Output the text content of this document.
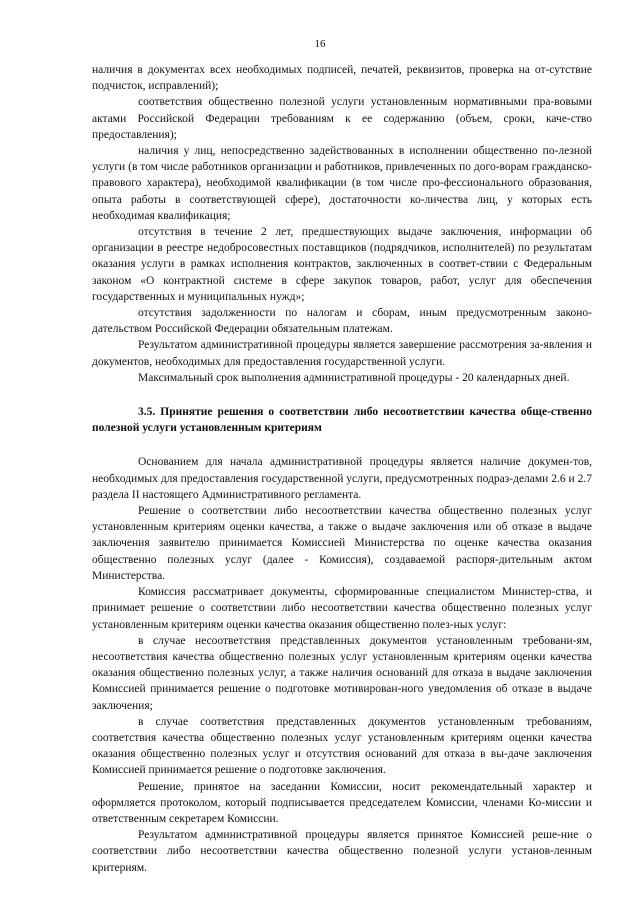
16

наличия в документах всех необходимых подписей, печатей, реквизитов, проверка на от-сутствие подчисток, исправлений);

соответствия общественно полезной услуги установленным нормативными пра-вовыми актами Российской Федерации требованиям к ее содержанию (объем, сроки, каче-ство предоставления);

наличия у лиц, непосредственно задействованных в исполнении общественно по-лезной услуги (в том числе работников организации и работников, привлеченных по дого-ворам гражданско-правового характера), необходимой квалификации (в том числе про-фессионального образования, опыта работы в соответствующей сфере), достаточности ко-личества лиц, у которых есть необходимая квалификация;

отсутствия в течение 2 лет, предшествующих выдаче заключения, информации об организации в реестре недобросовестных поставщиков (подрядчиков, исполнителей) по результатам оказания услуги в рамках исполнения контрактов, заключенных в соответ-ствии с Федеральным законом «О контрактной системе в сфере закупок товаров, работ, услуг для обеспечения государственных и муниципальных нужд»;

отсутствия задолженности по налогам и сборам, иным предусмотренным законо-дательством Российской Федерации обязательным платежам.

Результатом административной процедуры является завершение рассмотрения за-явления и документов, необходимых для предоставления государственной услуги.

Максимальный срок выполнения административной процедуры - 20 календарных дней.

3.5. Принятие решения о соответствии либо несоответствии качества обще-ственно полезной услуги установленным критериям

Основанием для начала административной процедуры является наличие докумен-тов, необходимых для предоставления государственной услуги, предусмотренных подраз-делами 2.6 и 2.7 раздела II настоящего Административного регламента.

Решение о соответствии либо несоответствии качества общественно полезных услуг установленным критериям оценки качества, а также о выдаче заключения или об отказе в выдаче заключения заявителю принимается Комиссией Министерства по оценке качества оказания общественно полезных услуг (далее - Комиссия), создаваемой распоря-дительным актом Министерства.

Комиссия рассматривает документы, сформированные специалистом Министер-ства, и принимает решение о соответствии либо несоответствии качества общественно полезных услуг установленным критериям оценки качества оказания общественно полез-ных услуг:

в случае несоответствия представленных документов установленным требовани-ям, несоответствия качества общественно полезных услуг установленным критериям оценки качества оказания общественно полезных услуг, а также наличия оснований для отказа в выдаче заключения Комиссией принимается решение о подготовке мотивирован-ного уведомления об отказе в выдаче заключения;

в случае соответствия представленных документов установленным требованиям, соответствия качества общественно полезных услуг установленным критериям оценки качества оказания общественно полезных услуг и отсутствия оснований для отказа в вы-даче заключения Комиссией принимается решение о подготовке заключения.

Решение, принятое на заседании Комиссии, носит рекомендательный характер и оформляется протоколом, который подписывается председателем Комиссии, членами Ко-миссии и ответственным секретарем Комиссии.

Результатом административной процедуры является принятое Комиссией реше-ние о соответствии либо несоответствии качества общественно полезной услуги установ-ленным критериям.
